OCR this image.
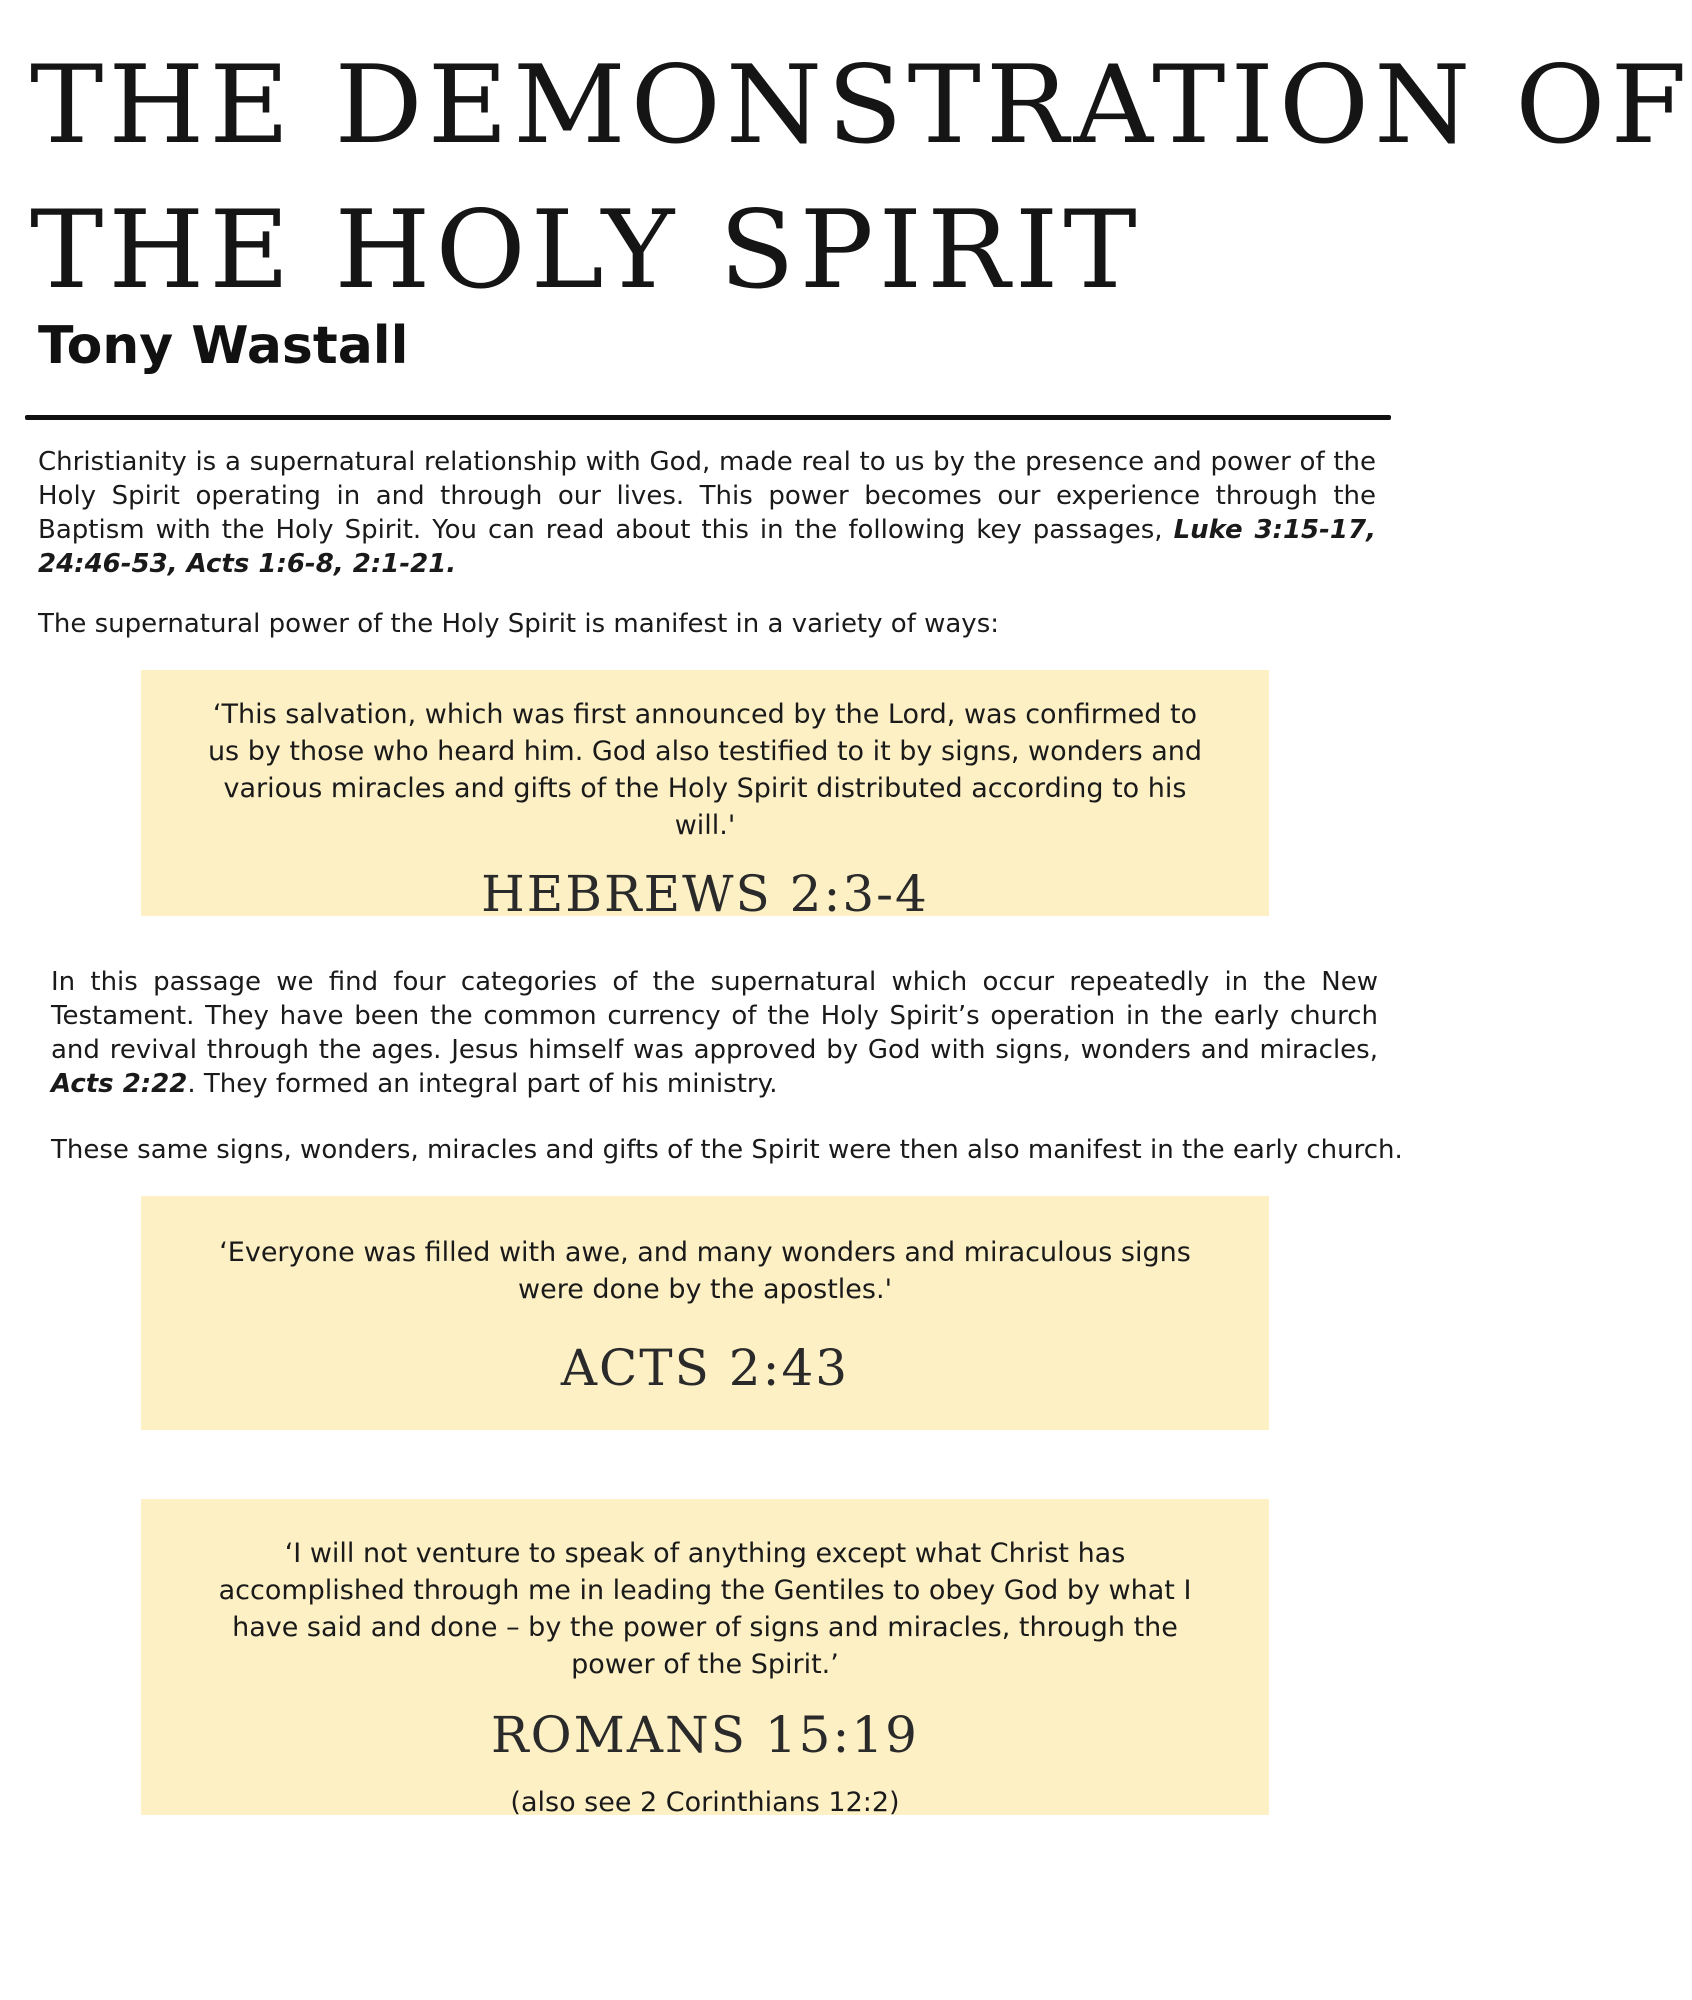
THE DEMONSTRATION OF
THE HOLY SPIRIT
Tony Wastall

Christianity is a supernatural relationship with God, made real to us by the presence and power of the Holy Spirit operating in and through our lives. This power becomes our experience through the Baptism with the Holy Spirit. You can read about this in the following key passages, Luke 3:15-17, 24:46-53, Acts 1:6-8, 2:1-21.

The supernatural power of the Holy Spirit is manifest in a variety of ways:

‘This salvation, which was first announced by the Lord, was confirmed to us by those who heard him. God also testified to it by signs, wonders and various miracles and gifts of the Holy Spirit distributed according to his will.'

HEBREWS 2:3-4

In this passage we find four categories of the supernatural which occur repeatedly in the New Testament. They have been the common currency of the Holy Spirit’s operation in the early church and revival through the ages. Jesus himself was approved by God with signs, wonders and miracles, Acts 2:22. They formed an integral part of his ministry.

These same signs, wonders, miracles and gifts of the Spirit were then also manifest in the early church.

‘Everyone was filled with awe, and many wonders and miraculous signs were done by the apostles.'

ACTS 2:43

‘I will not venture to speak of anything except what Christ has accomplished through me in leading the Gentiles to obey God by what I have said and done – by the power of signs and miracles, through the power of the Spirit.’

ROMANS 15:19
(also see 2 Corinthians 12:2)
